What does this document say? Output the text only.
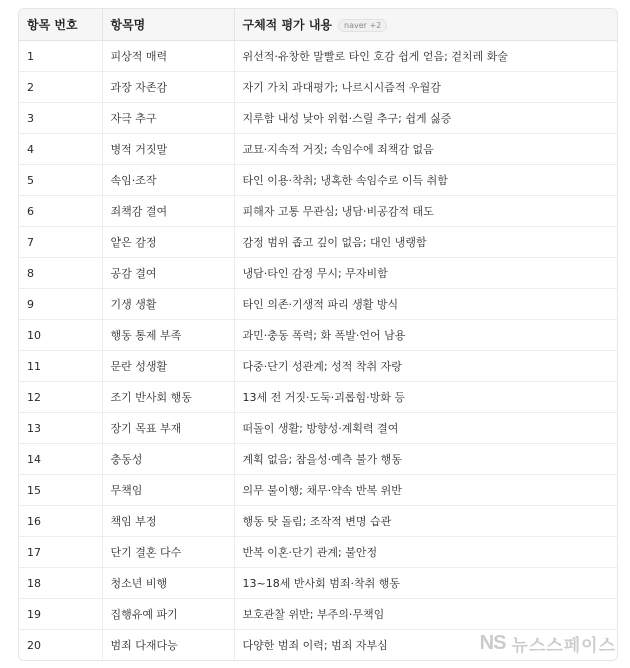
항목 번호	항목명	구체적 평가 내용 naver +2
1	피상적 매력	위선적·유창한 말빨로 타인 호감 쉽게 얻음; 겉치레 화술
2	과장 자존감	자기 가치 과대평가; 나르시시즘적 우월감
3	자극 추구	지루함 내성 낮아 위험·스릴 추구; 쉽게 싫증
4	병적 거짓말	교묘·지속적 거짓; 속임수에 죄책감 없음
5	속임·조작	타인 이용·착취; 냉혹한 속임수로 이득 취함
6	죄책감 결여	피해자 고통 무관심; 냉담·비공감적 태도
7	얕은 감정	감정 범위 좁고 깊이 없음; 대인 냉랭함
8	공감 결여	냉담·타인 감정 무시; 무자비함
9	기생 생활	타인 의존·기생적 파리 생활 방식
10	행동 통제 부족	과민·충동 폭력; 화 폭발·언어 남용
11	문란 성생활	다중·단기 성관계; 성적 착취 자랑
12	조기 반사회 행동	13세 전 거짓·도둑·괴롭힘·방화 등
13	장기 목표 부재	떠돌이 생활; 방향성·계획력 결여
14	충동성	계획 없음; 참을성·예측 불가 행동
15	무책임	의무 불이행; 채무·약속 반복 위반
16	책임 부정	행동 탓 돌림; 조작적 변명 습관
17	단기 결혼 다수	반복 이혼·단기 관계; 불안정
18	청소년 비행	13~18세 반사회 범죄·착취 행동
19	집행유예 파기	보호관찰 위반; 부주의·무책임
20	범죄 다재다능	다양한 범죄 이력; 범죄 자부심	NS 뉴스스페이스
